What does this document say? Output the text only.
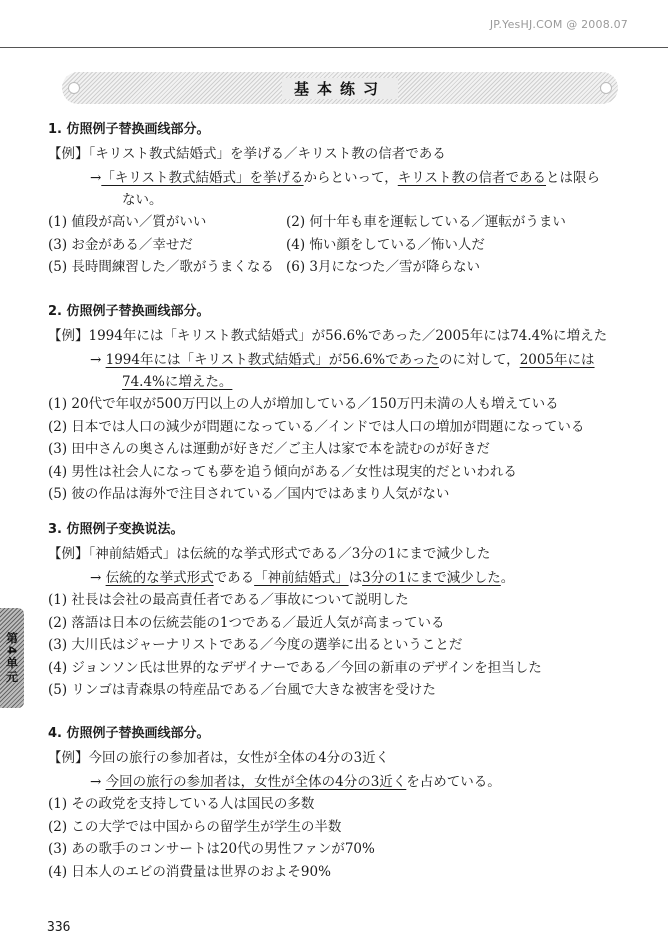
JP.YesHJ.COM @ 2008.07
基本练习
1. 仿照例子替换画线部分。
【例】「キリスト教式結婚式」を挙げる／キリスト教の信者である
→「キリスト教式結婚式」を挙げるからといって，キリスト教の信者であるとは限ら
ない。
(1) 値段が高い／質がいい	(2) 何十年も車を運転している／運転がうまい
(3) お金がある／幸せだ	(4) 怖い顔をしている／怖い人だ
(5) 長時間練習した／歌がうまくなる (6) 3月になつた／雪が降らない
2. 仿照例子替换画线部分。
【例】1994年には「キリスト教式結婚式」が56.6%であった／2005年には74.4%に増えた
→ 1994年には「キリスト教式結婚式」が56.6%であったのに対して，2005年には
74.4%に増えた。
(1) 20代で年収が500万円以上の人が増加している／150万円未満の人も増えている
(2) 日本では人口の減少が問題になっている／インドでは人口の増加が問題になっている
(3) 田中さんの奥さんは運動が好きだ／ご主人は家で本を読むのが好きだ
(4) 男性は社会人になっても夢を追う傾向がある／女性は現実的だといわれる
(5) 彼の作品は海外で注目されている／国内ではあまり人気がない
3. 仿照例子变换说法。
【例】「神前結婚式」は伝統的な挙式形式である／3分の1にまで減少した
→ 伝統的な挙式形式である「神前結婚式」は3分の1にまで減少した。
(1) 社長は会社の最高責任者である／事故について説明した
(2) 落語は日本の伝統芸能の1つである／最近人気が高まっている
(3) 大川氏はジャーナリストである／今度の選挙に出るということだ
(4) ジョンソン氏は世界的なデザイナーである／今回の新車のデザインを担当した
(5) リンゴは青森県の特産品である／台風で大きな被害を受けた
4. 仿照例子替换画线部分。
【例】今回の旅行の参加者は，女性が全体の4分の3近く
→ 今回の旅行の参加者は，女性が全体の4分の3近くを占めている。
(1) その政党を支持している人は国民の多数
(2) この大学では中国からの留学生が学生の半数
(3) あの歌手のコンサートは20代の男性ファンが70%
(4) 日本人のエビの消費量は世界のおよそ90%
第4单元
336
